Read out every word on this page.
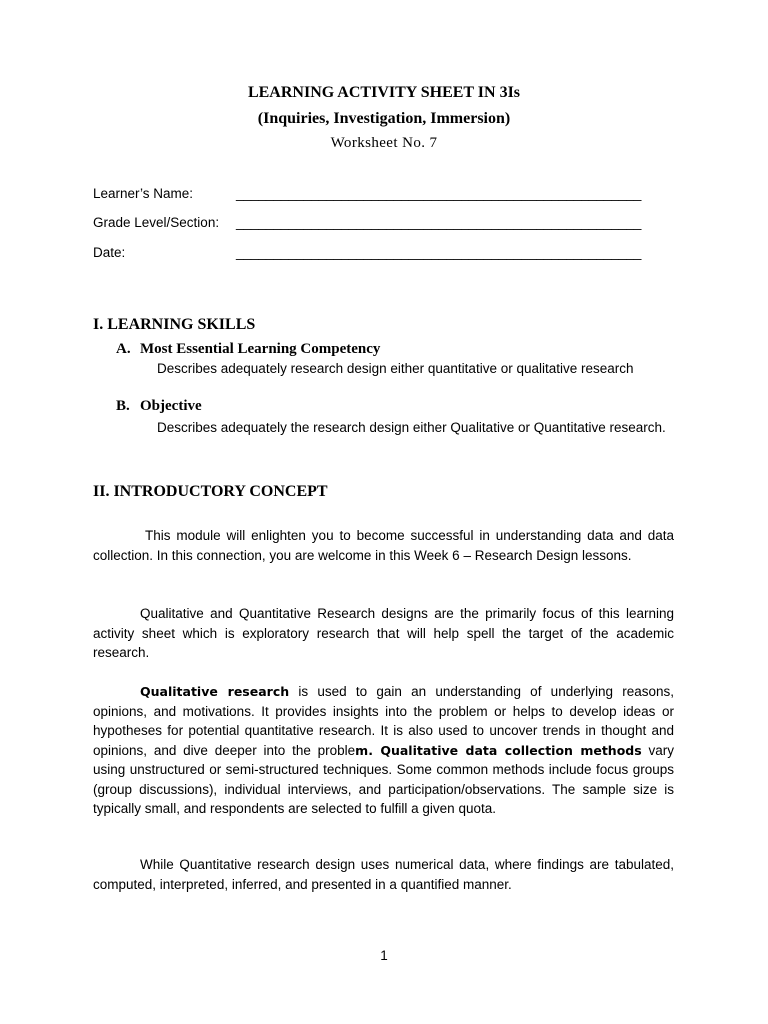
LEARNING ACTIVITY SHEET IN 3Is
(Inquiries, Investigation, Immersion)
Worksheet No. 7
Learner’s Name:	______________________________________________________
Grade Level/Section: ______________________________________________________
Date:	______________________________________________________
I. LEARNING SKILLS
A. Most Essential Learning Competency
Describes adequately research design either quantitative or qualitative research
B. Objective
Describes adequately the research design either Qualitative or Quantitative research.
II. INTRODUCTORY CONCEPT
This module will enlighten you to become successful in understanding data and data collection. In this connection, you are welcome in this Week 6 – Research Design lessons.
Qualitative and Quantitative Research designs are the primarily focus of this learning activity sheet which is exploratory research that will help spell the target of the academic research.
Qualitative research is used to gain an understanding of underlying reasons, opinions, and motivations. It provides insights into the problem or helps to develop ideas or hypotheses for potential quantitative research. It is also used to uncover trends in thought and opinions, and dive deeper into the problem. Qualitative data collection methods vary using unstructured or semi-structured techniques. Some common methods include focus groups (group discussions), individual interviews, and participation/observations. The sample size is typically small, and respondents are selected to fulfill a given quota.
While Quantitative research design uses numerical data, where findings are tabulated, computed, interpreted, inferred, and presented in a quantified manner.
1
